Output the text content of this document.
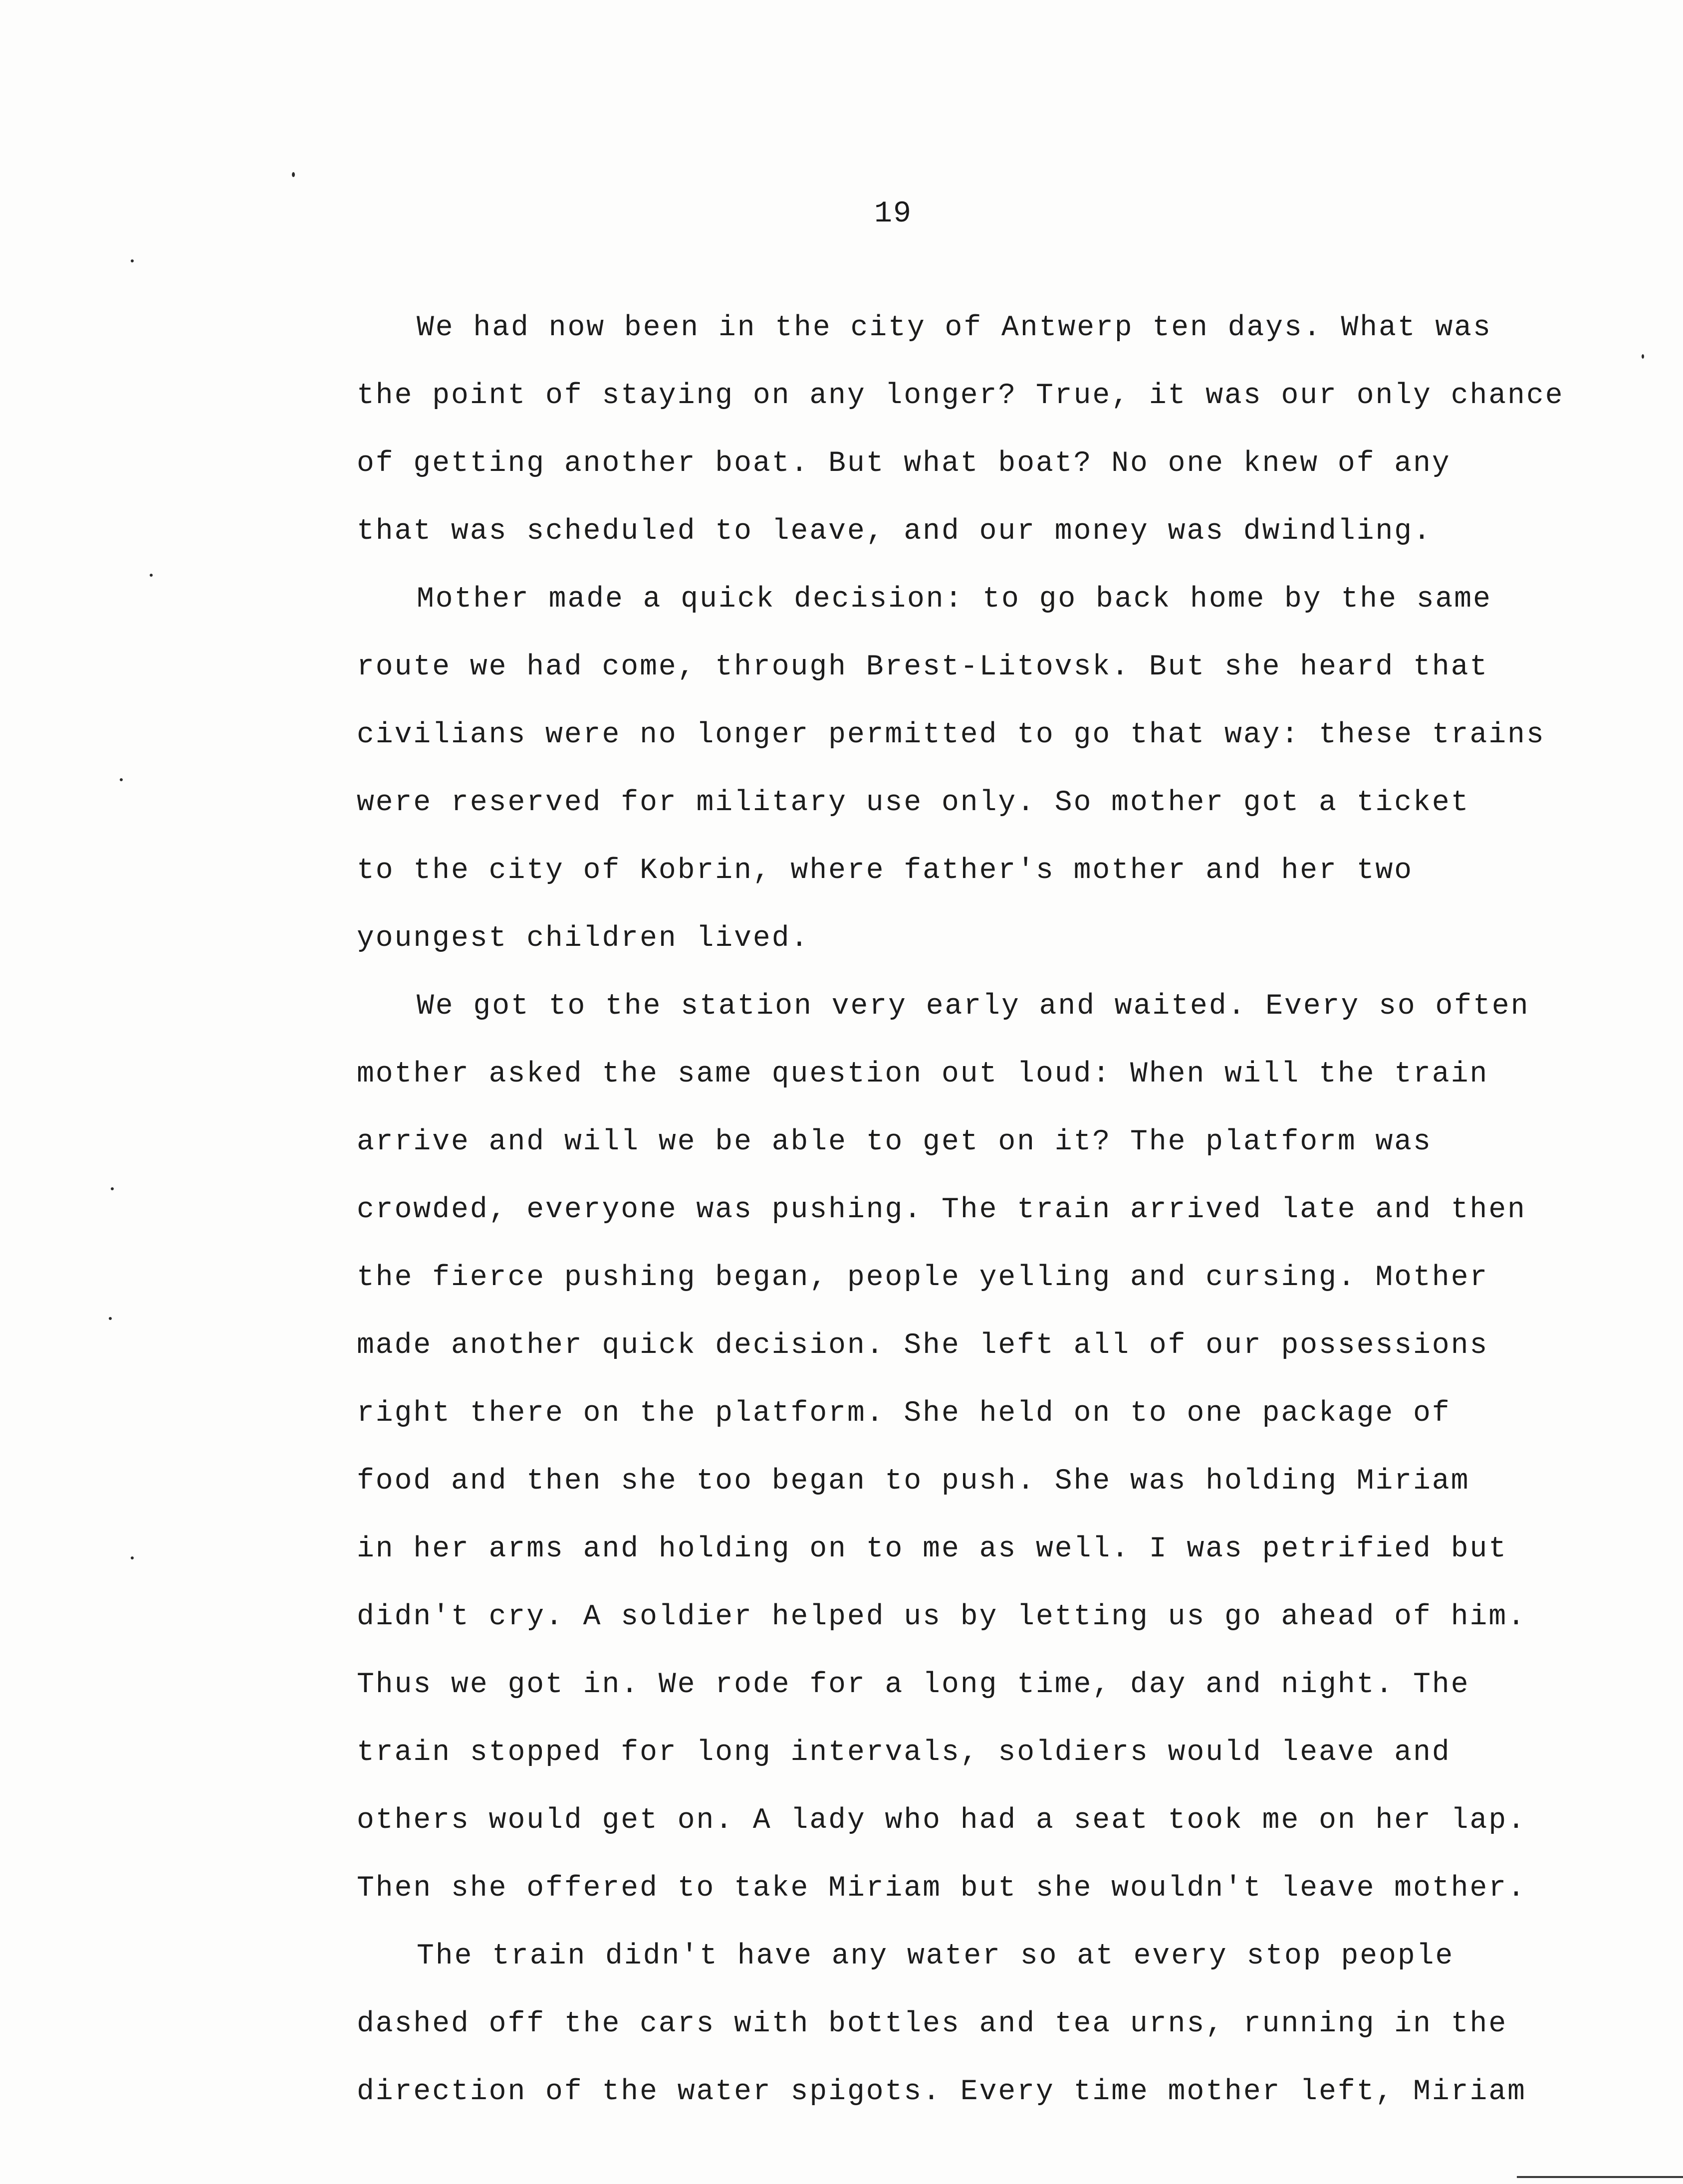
19
We had now been in the city of Antwerp ten days. What was
the point of staying on any longer? True, it was our only chance
of getting another boat. But what boat? No one knew of any
that was scheduled to leave, and our money was dwindling.
Mother made a quick decision: to go back home by the same
route we had come, through Brest-Litovsk. But she heard that
civilians were no longer permitted to go that way: these trains
were reserved for military use only. So mother got a ticket
to the city of Kobrin, where father's mother and her two
youngest children lived.
We got to the station very early and waited. Every so often
mother asked the same question out loud: When will the train
arrive and will we be able to get on it? The platform was
crowded, everyone was pushing. The train arrived late and then
the fierce pushing began, people yelling and cursing. Mother
made another quick decision. She left all of our possessions
right there on the platform. She held on to one package of
food and then she too began to push. She was holding Miriam
in her arms and holding on to me as well. I was petrified but
didn't cry. A soldier helped us by letting us go ahead of him.
Thus we got in. We rode for a long time, day and night. The
train stopped for long intervals, soldiers would leave and
others would get on. A lady who had a seat took me on her lap.
Then she offered to take Miriam but she wouldn't leave mother.
The train didn't have any water so at every stop people
dashed off the cars with bottles and tea urns, running in the
direction of the water spigots. Every time mother left, Miriam
